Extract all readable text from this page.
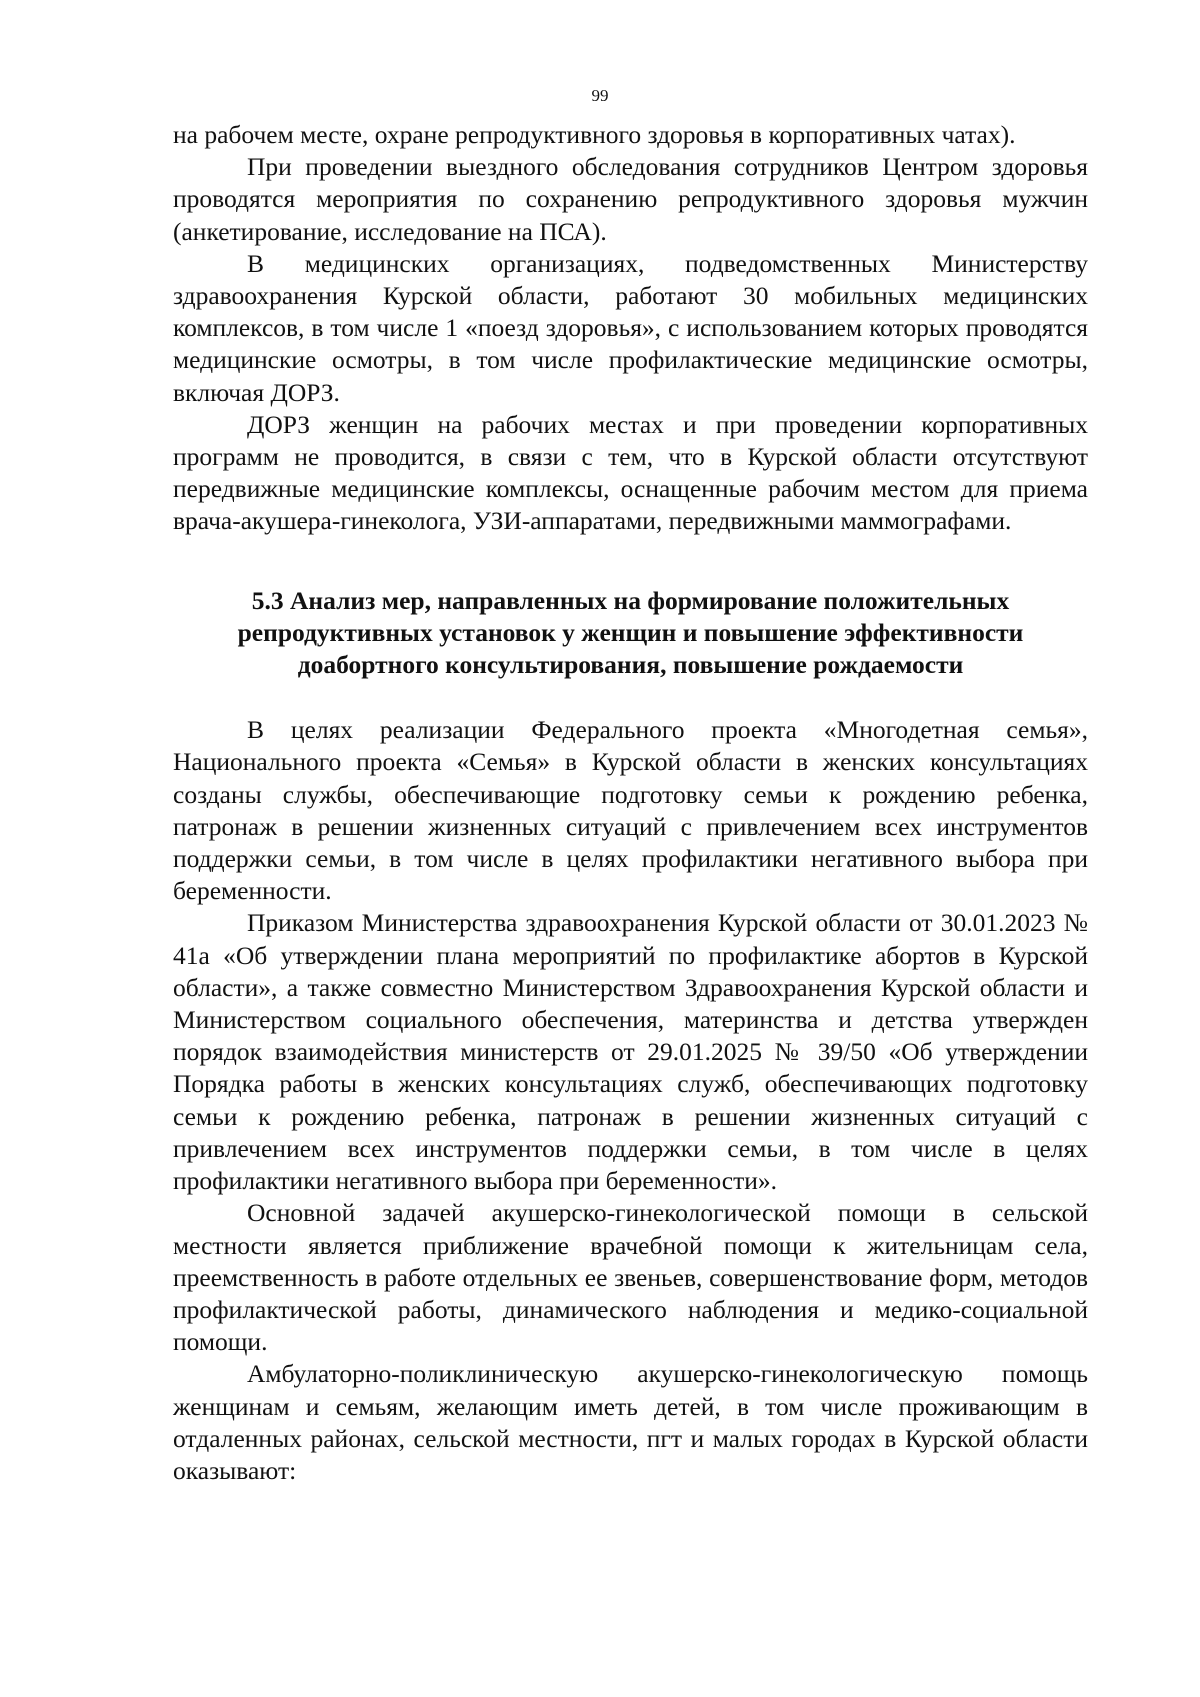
99

на рабочем месте, охране репродуктивного здоровья в корпоративных чатах).

При проведении выездного обследования сотрудников Центром здоровья проводятся мероприятия по сохранению репродуктивного здоровья мужчин (анкетирование, исследование на ПСА).

В медицинских организациях, подведомственных Министерству здравоохранения Курской области, работают 30 мобильных медицинских комплексов, в том числе 1 «поезд здоровья», с использованием которых проводятся медицинские осмотры, в том числе профилактические медицинские осмотры, включая ДОРЗ.

ДОРЗ женщин на рабочих местах и при проведении корпоративных программ не проводится, в связи с тем, что в Курской области отсутствуют передвижные медицинские комплексы, оснащенные рабочим местом для приема врача-акушера-гинеколога, УЗИ-аппаратами, передвижными маммографами.

5.3 Анализ мер, направленных на формирование положительных
репродуктивных установок у женщин и повышение эффективности
доабортного консультирования, повышение рождаемости

В целях реализации Федерального проекта «Многодетная семья», Национального проекта «Семья» в Курской области в женских консультациях созданы службы, обеспечивающие подготовку семьи к рождению ребенка, патронаж в решении жизненных ситуаций с привлечением всех инструментов поддержки семьи, в том числе в целях профилактики негативного выбора при беременности.

Приказом Министерства здравоохранения Курской области от 30.01.2023 № 41а «Об утверждении плана мероприятий по профилактике абортов в Курской области», а также совместно Министерством Здравоохранения Курской области и Министерством социального обеспечения, материнства и детства утвержден порядок взаимодействия министерств от 29.01.2025 № 39/50 «Об утверждении Порядка работы в женских консультациях служб, обеспечивающих подготовку семьи к рождению ребенка, патронаж в решении жизненных ситуаций с привлечением всех инструментов поддержки семьи, в том числе в целях профилактики негативного выбора при беременности».

Основной задачей акушерско-гинекологической помощи в сельской местности является приближение врачебной помощи к жительницам села, преемственность в работе отдельных ее звеньев, совершенствование форм, методов профилактической работы, динамического наблюдения и медико-социальной помощи.

Амбулаторно-поликлиническую акушерско-гинекологическую помощь женщинам и семьям, желающим иметь детей, в том числе проживающим в отдаленных районах, сельской местности, пгт и малых городах в Курской области оказывают:
